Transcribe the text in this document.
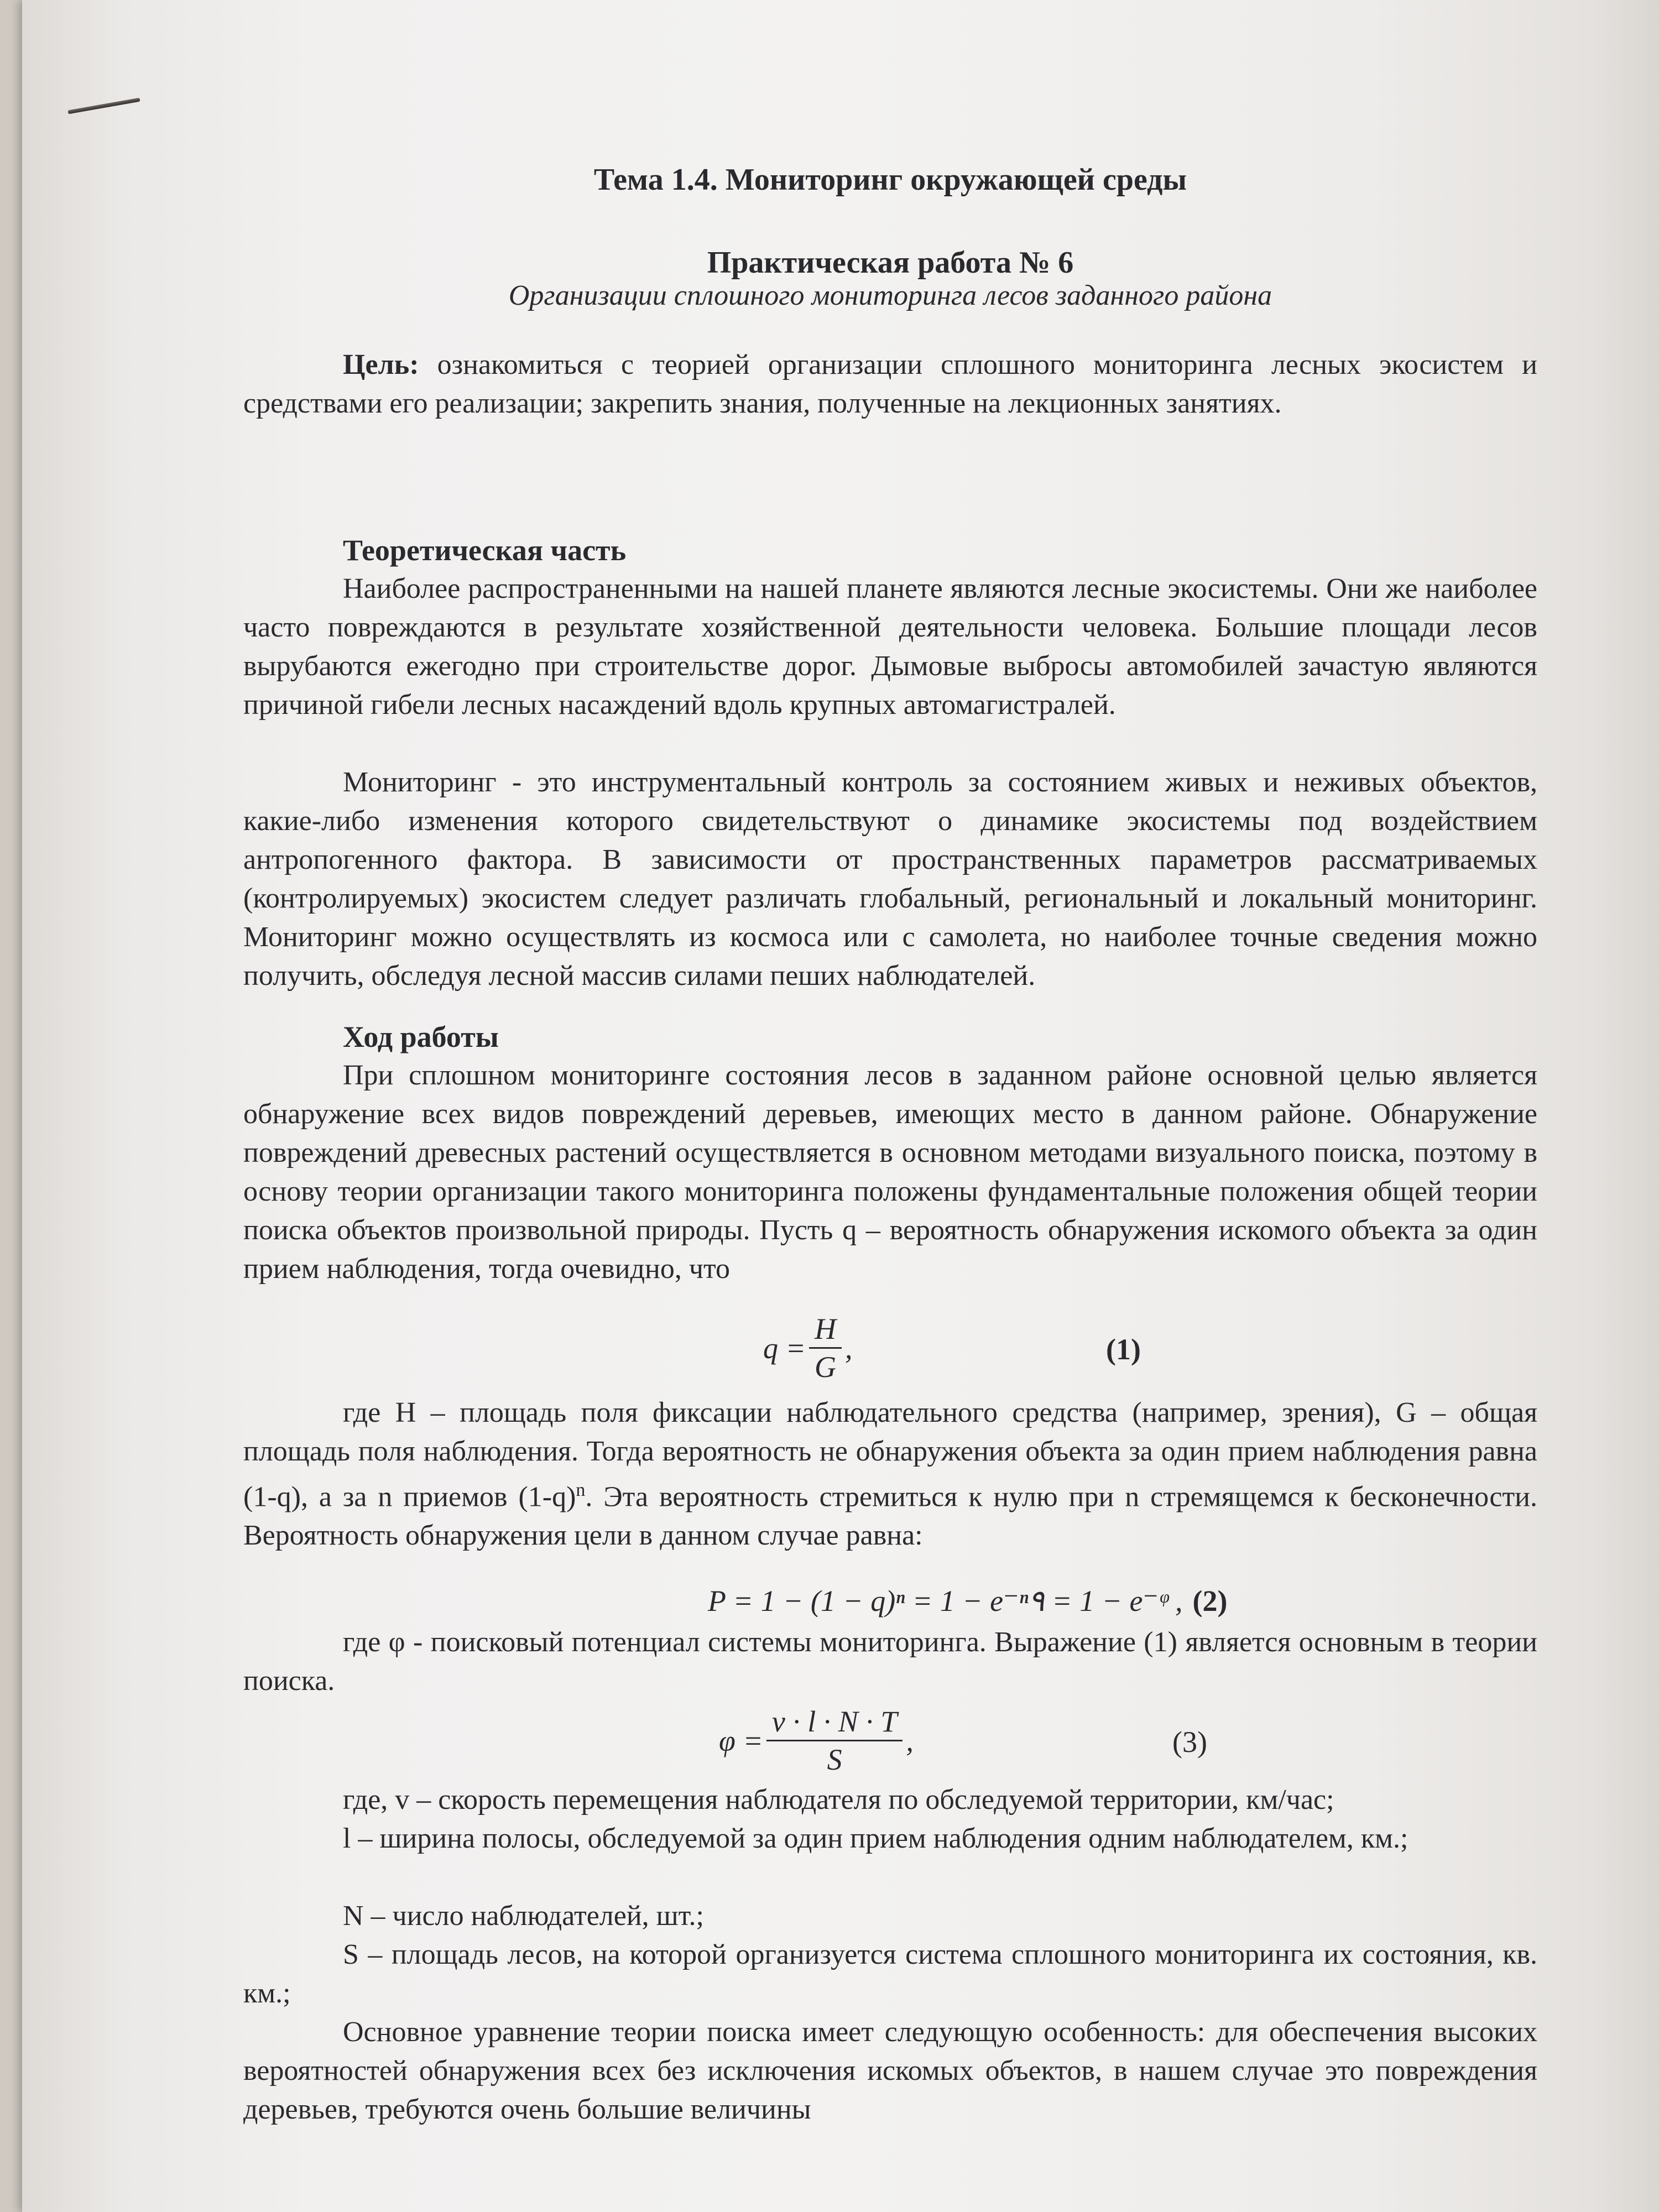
Тема 1.4. Мониторинг окружающей среды
Практическая работа № 6
Организации сплошного мониторинга лесов заданного района

Цель: ознакомиться с теорией организации сплошного мониторинга лесных экосистем и средствами его реализации; закрепить знания, полученные на лекционных занятиях.

Теоретическая часть

Наиболее распространенными на нашей планете являются лесные экосистемы. Они же наиболее часто повреждаются в результате хозяйственной деятельности человека. Большие площади лесов вырубаются ежегодно при строительстве дорог. Дымовые выбросы автомобилей зачастую являются причиной гибели лесных насаждений вдоль крупных автомагистралей.

Мониторинг - это инструментальный контроль за состоянием живых и неживых объектов, какие-либо изменения которого свидетельствуют о динамике экосистемы под воздействием антропогенного фактора. В зависимости от пространственных параметров рассматриваемых (контролируемых) экосистем следует различать глобальный, региональный и локальный мониторинг. Мониторинг можно осуществлять из космоса или с самолета, но наиболее точные сведения можно получить, обследуя лесной массив силами пеших наблюдателей.

Ход работы

При сплошном мониторинге состояния лесов в заданном районе основной целью является обнаружение всех видов повреждений деревьев, имеющих место в данном районе. Обнаружение повреждений древесных растений осуществляется в основном методами визуального поиска, поэтому в основу теории организации такого мониторинга положены фундаментальные положения общей теории поиска объектов произвольной природы. Пусть q – вероятность обнаружения искомого объекта за один прием наблюдения, тогда очевидно, что

$q = \frac{H}{G}$ ,	(1)

где H – площадь поля фиксации наблюдательного средства (например, зрения), G – общая площадь поля наблюдения. Тогда вероятность не обнаружения объекта за один прием наблюдения равна (1-q), а за n приемов $(1-q)^n$. Эта вероятность стремиться к нулю при n стремящемся к бесконечности. Вероятность обнаружения цели в данном случае равна:

P = 1 − (1 − q)ⁿ = 1 − e⁻ⁿ۹ = 1 − e⁻ᵠ , (2)

где φ - поисковый потенциал системы мониторинга. Выражение (1) является основным в теории поиска.

$\varphi = \frac{v \cdot l \cdot N \cdot T}{S}$ ,	(3)

где, v – скорость перемещения наблюдателя по обследуемой территории, км/час;

l – ширина полосы, обследуемой за один прием наблюдения одним наблюдателем, км.;

N – число наблюдателей, шт.;

S – площадь лесов, на которой организуется система сплошного мониторинга их состояния, кв. км.;

Основное уравнение теории поиска имеет следующую особенность: для обеспечения высоких вероятностей обнаружения всех без исключения искомых объектов, в нашем случае это повреждения деревьев, требуются очень большие величины
